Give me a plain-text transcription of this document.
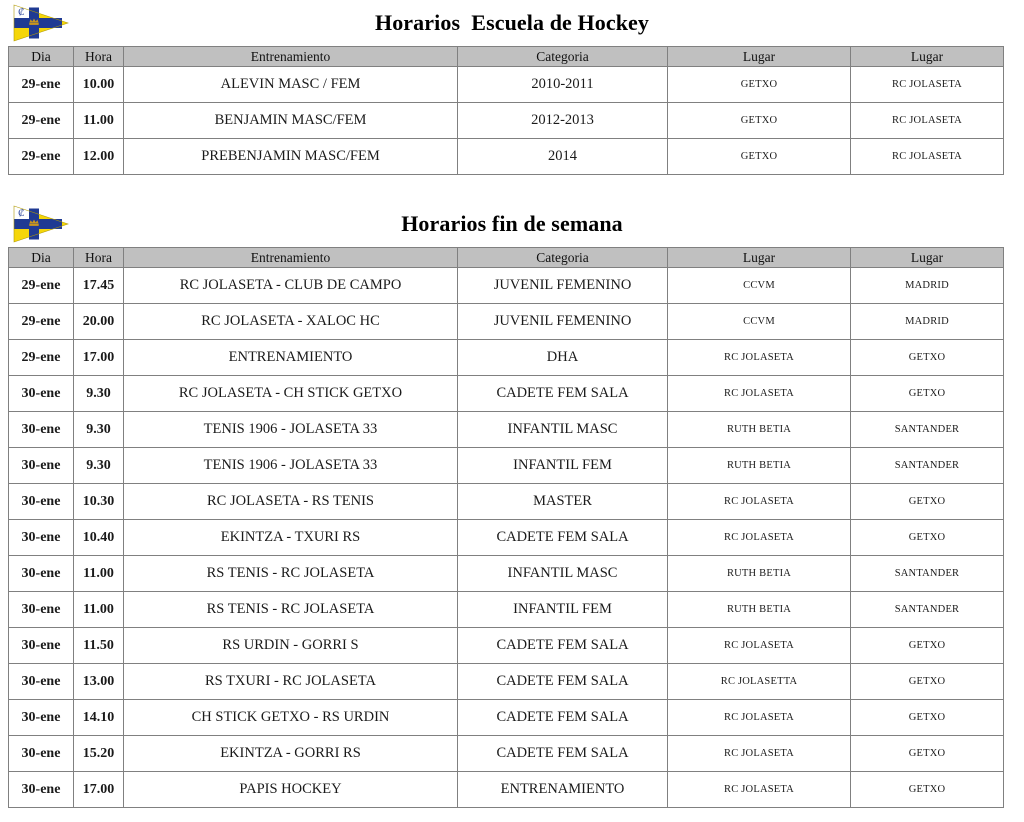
₡	Horarios  Escuela de Hockey
Dia	Hora	Entrenamiento	Categoria	Lugar	Lugar
29-ene	10.00	ALEVIN MASC / FEM	2010-2011	GETXO	RC JOLASETA
29-ene	11.00	BENJAMIN MASC/FEM	2012-2013	GETXO	RC JOLASETA
29-ene	12.00	PREBENJAMIN MASC/FEM	2014	GETXO	RC JOLASETA
₡	Horarios fin de semana
Dia	Hora	Entrenamiento	Categoria	Lugar	Lugar
29-ene	17.45	RC JOLASETA - CLUB DE CAMPO	JUVENIL FEMENINO	CCVM	MADRID
29-ene	20.00	RC JOLASETA - XALOC HC	JUVENIL FEMENINO	CCVM	MADRID
29-ene	17.00	ENTRENAMIENTO	DHA	RC JOLASETA	GETXO
30-ene	9.30	RC JOLASETA - CH STICK GETXO	CADETE FEM SALA	RC JOLASETA	GETXO
30-ene	9.30	TENIS 1906 - JOLASETA 33	INFANTIL MASC	RUTH BETIA	SANTANDER
30-ene	9.30	TENIS 1906 - JOLASETA 33	INFANTIL FEM	RUTH BETIA	SANTANDER
30-ene	10.30	RC JOLASETA - RS TENIS	MASTER	RC JOLASETA	GETXO
30-ene	10.40	EKINTZA - TXURI RS	CADETE FEM SALA	RC JOLASETA	GETXO
30-ene	11.00	RS TENIS - RC JOLASETA	INFANTIL MASC	RUTH BETIA	SANTANDER
30-ene	11.00	RS TENIS - RC JOLASETA	INFANTIL FEM	RUTH BETIA	SANTANDER
30-ene	11.50	RS URDIN - GORRI S	CADETE FEM SALA	RC JOLASETA	GETXO
30-ene	13.00	RS TXURI - RC JOLASETA	CADETE FEM SALA	RC JOLASETTA	GETXO
30-ene	14.10	CH STICK GETXO - RS URDIN	CADETE FEM SALA	RC JOLASETA	GETXO
30-ene	15.20	EKINTZA - GORRI RS	CADETE FEM SALA	RC JOLASETA	GETXO
30-ene	17.00	PAPIS HOCKEY	ENTRENAMIENTO	RC JOLASETA	GETXO
